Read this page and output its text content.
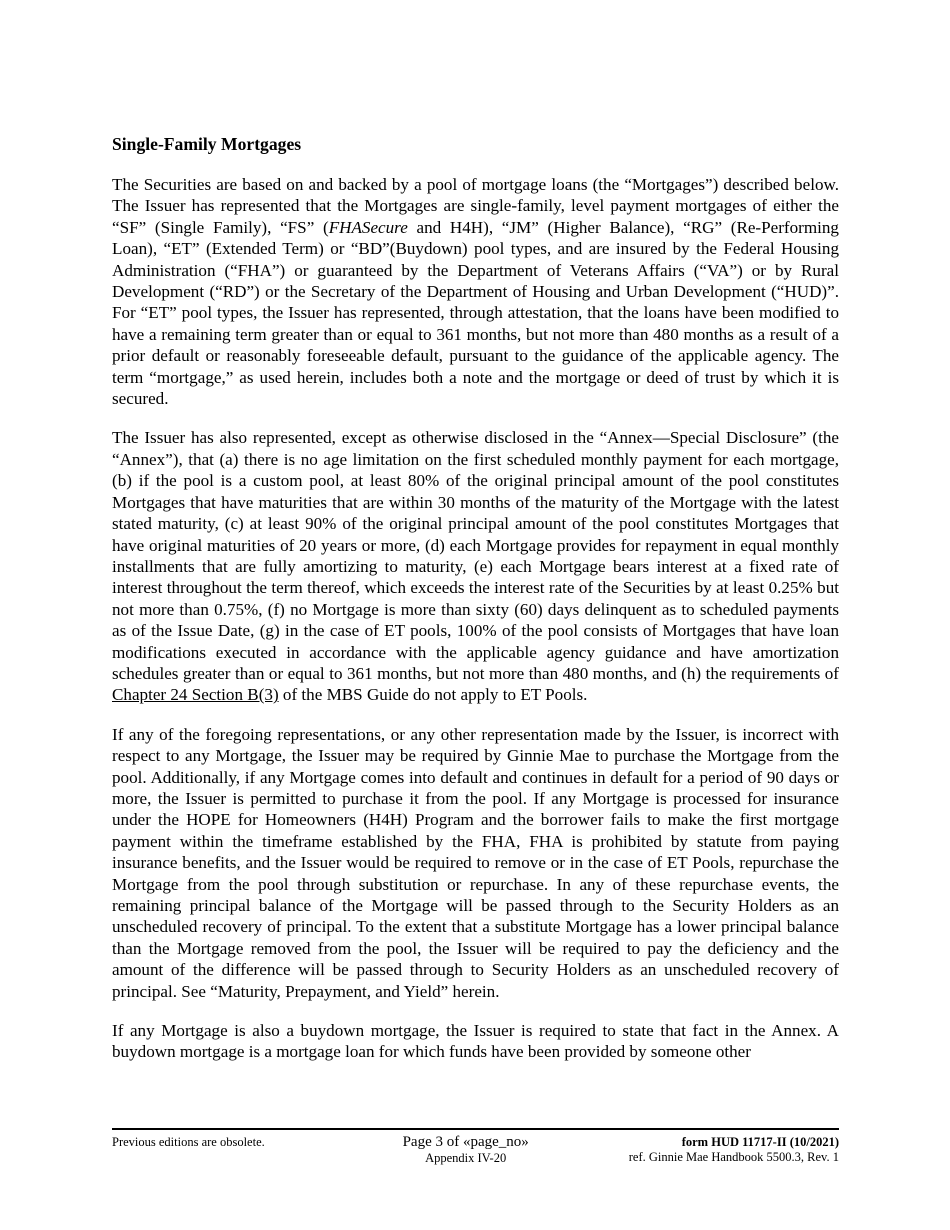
Single-Family Mortgages

The Securities are based on and backed by a pool of mortgage loans (the “Mortgages”) described below. The Issuer has represented that the Mortgages are single-family, level payment mortgages of either the “SF” (Single Family), “FS” (FHASecure and H4H), “JM” (Higher Balance), “RG” (Re-Performing Loan), “ET” (Extended Term) or “BD”(Buydown) pool types, and are insured by the Federal Housing Administration (“FHA”) or guaranteed by the Department of Veterans Affairs (“VA”) or by Rural Development (“RD”) or the Secretary of the Department of Housing and Urban Development (“HUD)”. For “ET” pool types, the Issuer has represented, through attestation, that the loans have been modified to have a remaining term greater than or equal to 361 months, but not more than 480 months as a result of a prior default or reasonably foreseeable default, pursuant to the guidance of the applicable agency. The term “mortgage,” as used herein, includes both a note and the mortgage or deed of trust by which it is secured.

The Issuer has also represented, except as otherwise disclosed in the “Annex—Special Disclosure” (the “Annex”), that (a) there is no age limitation on the first scheduled monthly payment for each mortgage, (b) if the pool is a custom pool, at least 80% of the original principal amount of the pool constitutes Mortgages that have maturities that are within 30 months of the maturity of the Mortgage with the latest stated maturity, (c) at least 90% of the original principal amount of the pool constitutes Mortgages that have original maturities of 20 years or more, (d) each Mortgage provides for repayment in equal monthly installments that are fully amortizing to maturity, (e) each Mortgage bears interest at a fixed rate of interest throughout the term thereof, which exceeds the interest rate of the Securities by at least 0.25% but not more than 0.75%, (f) no Mortgage is more than sixty (60) days delinquent as to scheduled payments as of the Issue Date, (g) in the case of ET pools, 100% of the pool consists of Mortgages that have loan modifications executed in accordance with the applicable agency guidance and have amortization schedules greater than or equal to 361 months, but not more than 480 months, and (h) the requirements of Chapter 24 Section B(3) of the MBS Guide do not apply to ET Pools.

If any of the foregoing representations, or any other representation made by the Issuer, is incorrect with respect to any Mortgage, the Issuer may be required by Ginnie Mae to purchase the Mortgage from the pool. Additionally, if any Mortgage comes into default and continues in default for a period of 90 days or more, the Issuer is permitted to purchase it from the pool. If any Mortgage is processed for insurance under the HOPE for Homeowners (H4H) Program and the borrower fails to make the first mortgage payment within the timeframe established by the FHA, FHA is prohibited by statute from paying insurance benefits, and the Issuer would be required to remove or in the case of ET Pools, repurchase the Mortgage from the pool through substitution or repurchase. In any of these repurchase events, the remaining principal balance of the Mortgage will be passed through to the Security Holders as an unscheduled recovery of principal. To the extent that a substitute Mortgage has a lower principal balance than the Mortgage removed from the pool, the Issuer will be required to pay the deficiency and the amount of the difference will be passed through to Security Holders as an unscheduled recovery of principal. See “Maturity, Prepayment, and Yield” herein.

If any Mortgage is also a buydown mortgage, the Issuer is required to state that fact in the Annex. A buydown mortgage is a mortgage loan for which funds have been provided by someone other

Previous editions are obsolete.	Page 3 of «page_no»
Appendix IV-20
form HUD 11717-II (10/2021)
ref. Ginnie Mae Handbook 5500.3, Rev. 1
